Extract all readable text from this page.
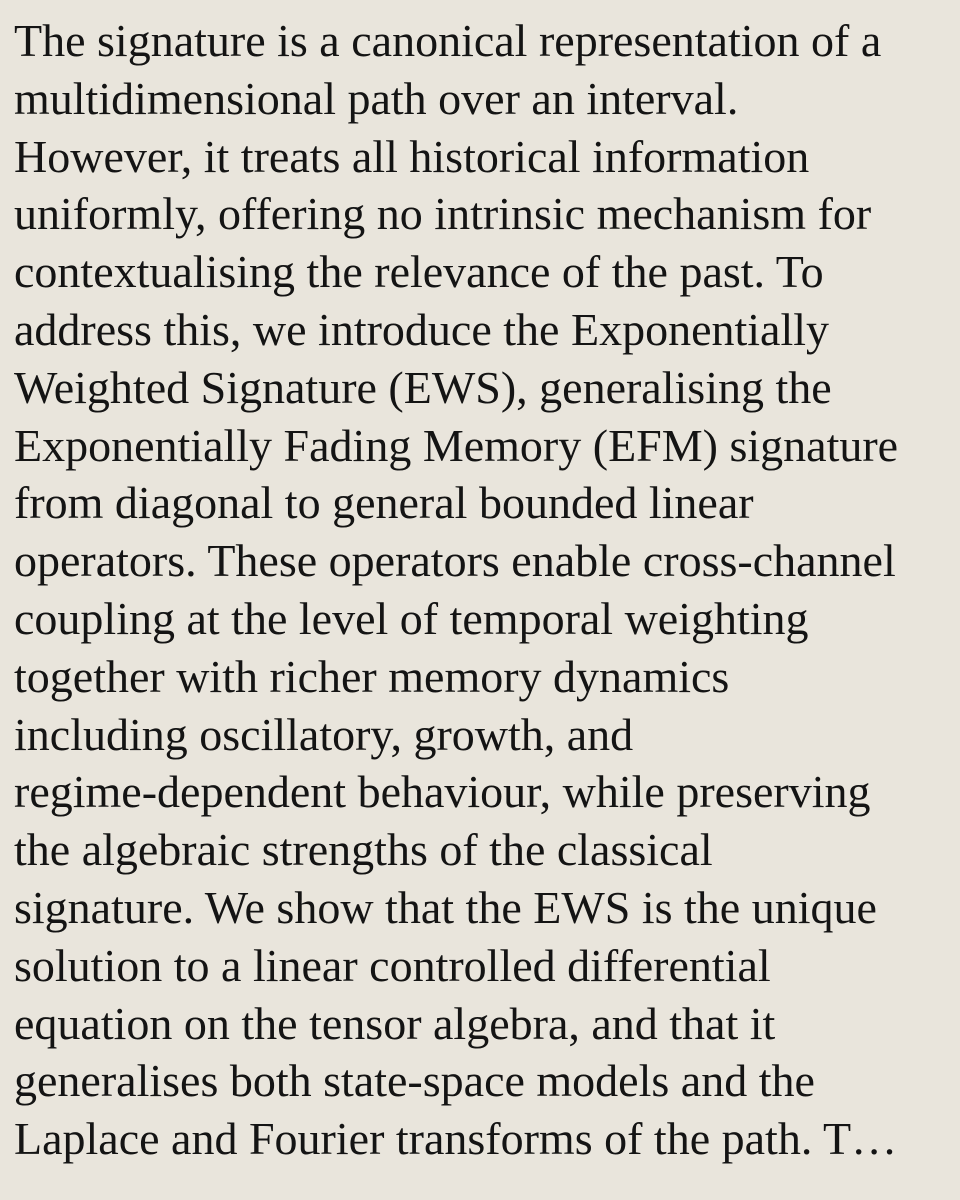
The signature is a canonical representation of a
multidimensional path over an interval.
However, it treats all historical information
uniformly, offering no intrinsic mechanism for
contextualising the relevance of the past. To
address this, we introduce the Exponentially
Weighted Signature (EWS), generalising the
Exponentially Fading Memory (EFM) signature
from diagonal to general bounded linear
operators. These operators enable cross-channel
coupling at the level of temporal weighting
together with richer memory dynamics
including oscillatory, growth, and
regime-dependent behaviour, while preserving
the algebraic strengths of the classical
signature. We show that the EWS is the unique
solution to a linear controlled differential
equation on the tensor algebra, and that it
generalises both state-space models and the
Laplace and Fourier transforms of the path. T…
